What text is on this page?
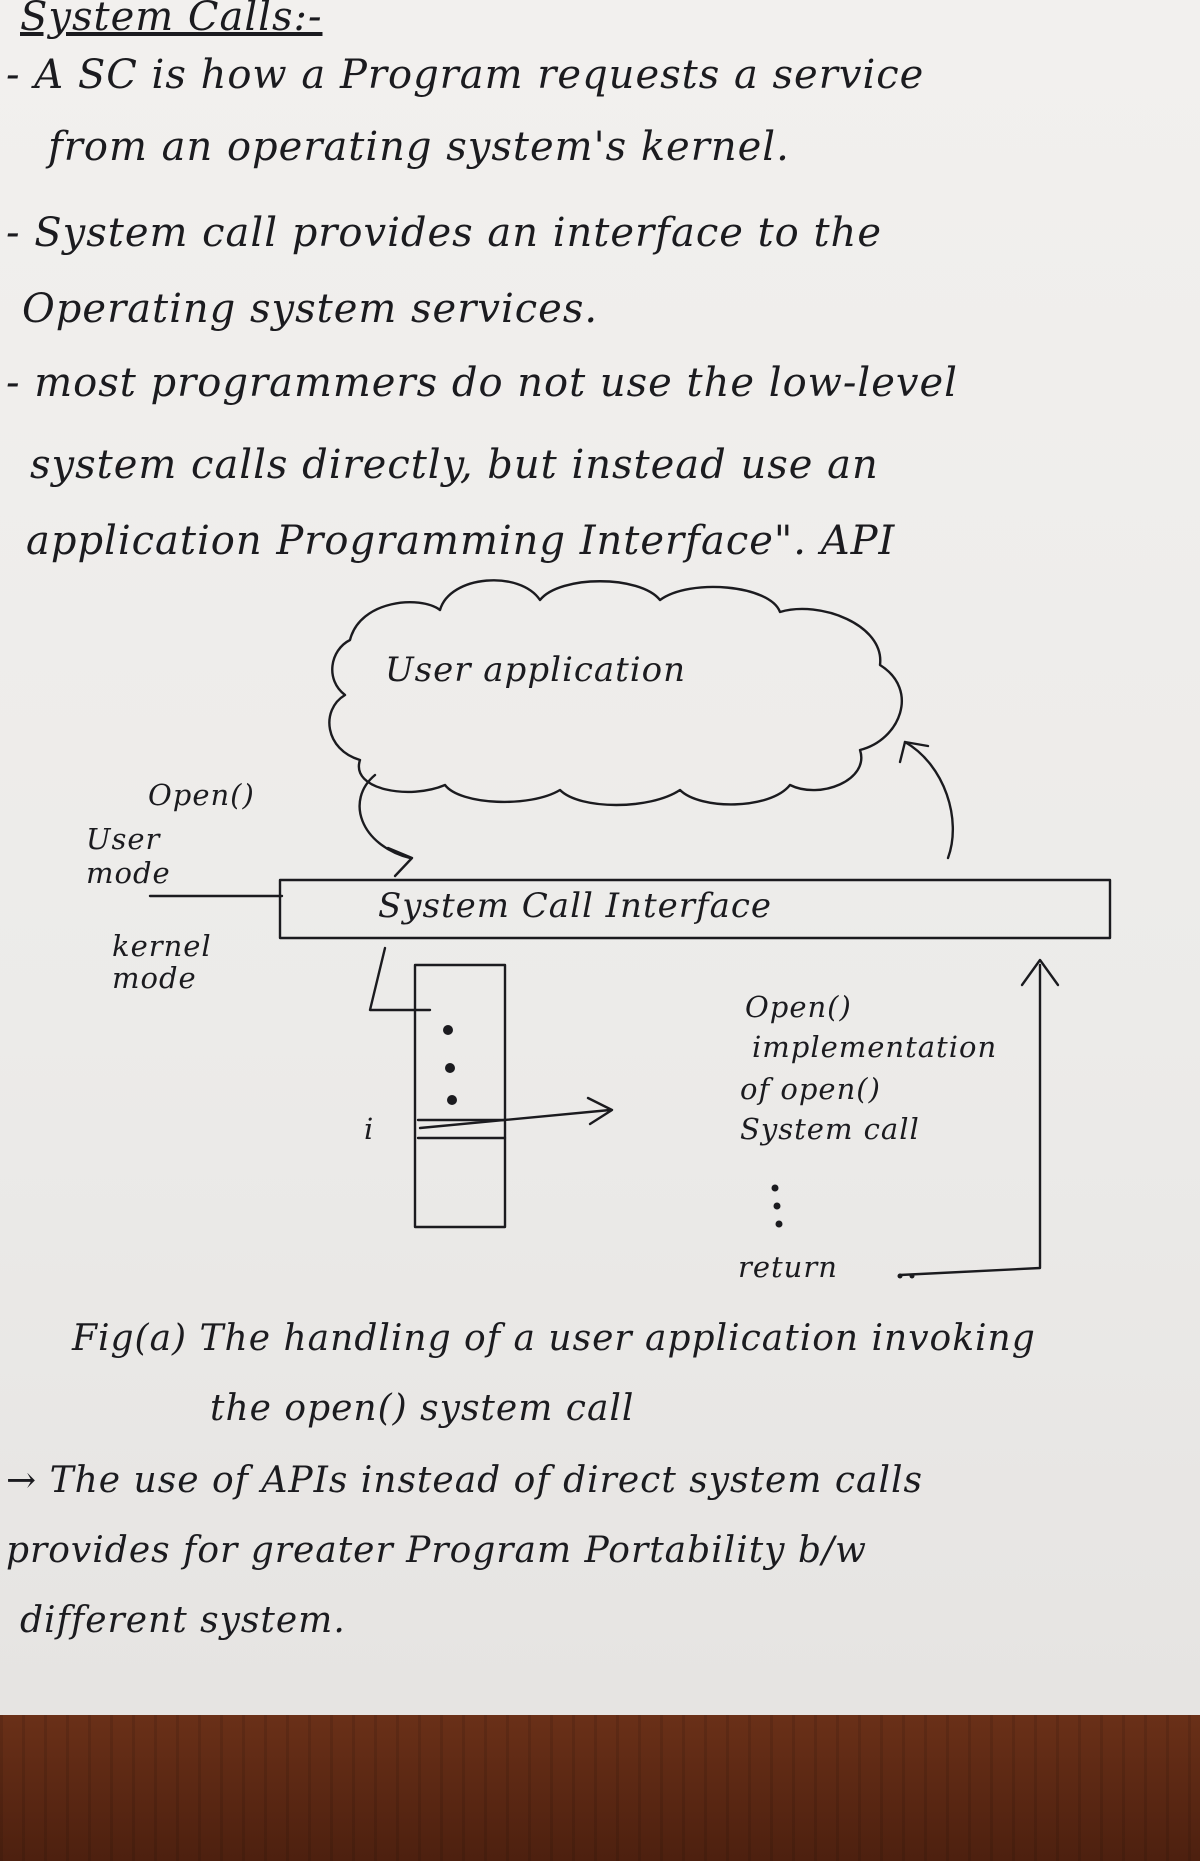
System Calls:-

- A SC is how a Program requests a service

from an operating system's kernel.

- System call provides an interface to the

Operating system services.

- most programmers do not use the low-level

system calls directly, but instead use an

application Programming Interface". API

User application

Open()

User mode

kernel mode

System Call Interface

i

Open()

implementation

of open()

System call

return

Fig(a) The handling of a user application invoking

the open() system call

→ The use of APIs instead of direct system calls

provides for greater Program Portability b/w

different system.
